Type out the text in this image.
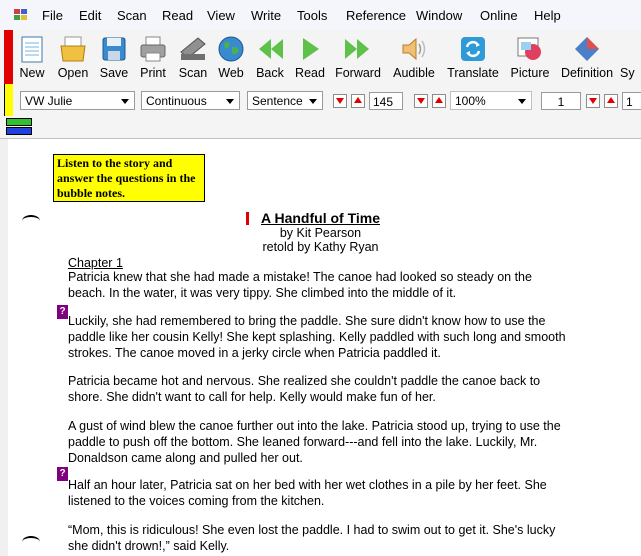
File Edit Scan Read View Write Tools Reference Window Online Help
New	Open Save Print	Scan Web Back Read Forward Audible Translate Picture Definition Sy
VW Julie	Continuous	Sentence	145	100%	1	1
Listen to the story and answer the questions in the bubble notes.
A Handful of Time
by Kit Pearson
retold by Kathy Ryan
Chapter 1
Patricia knew that she had made a mistake! The canoe had looked so steady on the beach. In the water, it was very tippy. She climbed into the middle of it.
?
Luckily, she had remembered to bring the paddle. She sure didn't know how to use the paddle like her cousin Kelly! She kept splashing. Kelly paddled with such long and smooth strokes. The canoe moved in a jerky circle when Patricia paddled it.
Patricia became hot and nervous. She realized she couldn't paddle the canoe back to shore. She didn't want to call for help. Kelly would make fun of her.
A gust of wind blew the canoe further out into the lake. Patricia stood up, trying to use the paddle to push off the bottom. She leaned forward---and fell into the lake. Luckily, Mr. Donaldson came along and pulled her out.
?
Half an hour later, Patricia sat on her bed with her wet clothes in a pile by her feet. She listened to the voices coming from the kitchen.
“Mom, this is ridiculous! She even lost the paddle. I had to swim out to get it. She's lucky she didn't drown!,” said Kelly.
